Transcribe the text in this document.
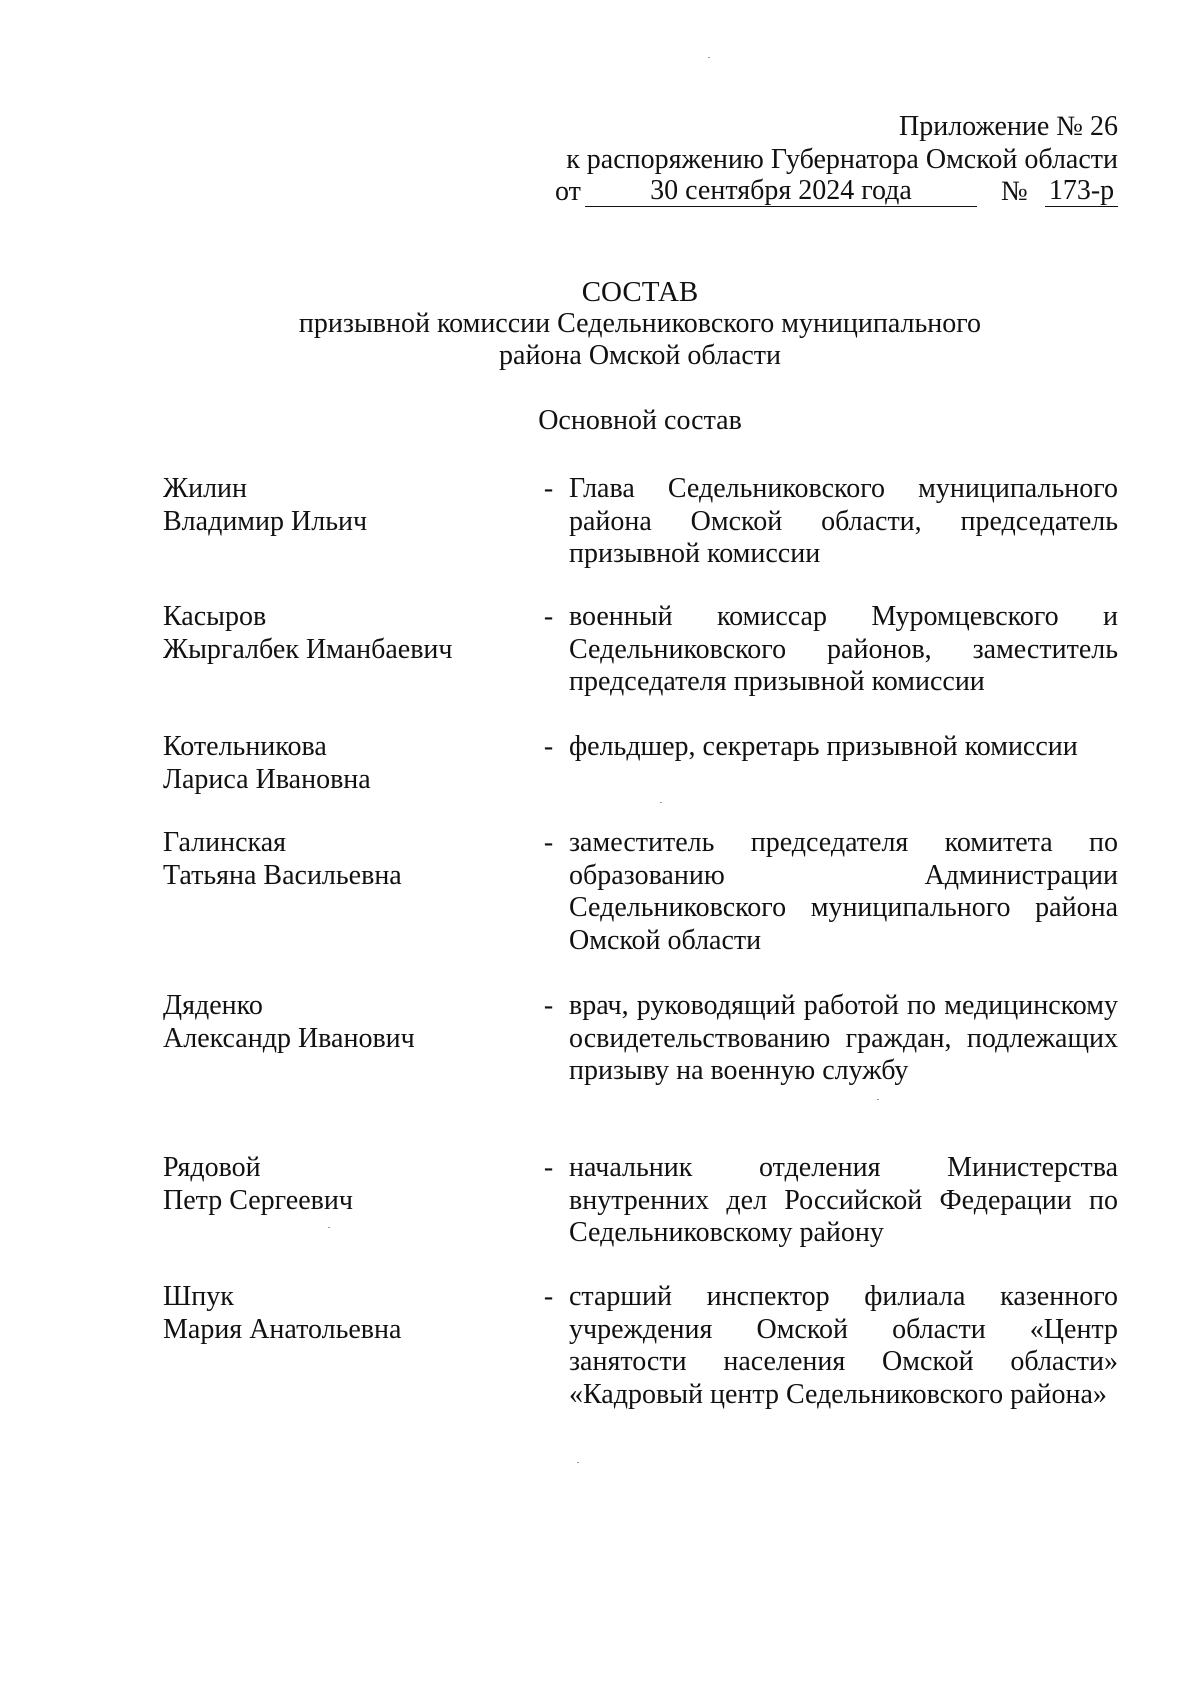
Приложение № 26
к распоряжению Губернатора Омской области
от	30 сентября 2024 года	№ 173-р
СОСТАВ
призывной комиссии Седельниковского муниципального
района Омской области
Основной состав
Жилин
Владимир Ильич
- Глава Седельниковского муниципального района Омской области, председатель призывной комиссии
Касыров
Жыргалбек Иманбаевич
- военный комиссар Муромцевского и Седельниковского районов, заместитель председателя призывной комиссии
Котельникова
Лариса Ивановна
- фельдшер, секретарь призывной комиссии
Галинская
Татьяна Васильевна
- заместитель председателя комитета по образованию Администрации Седельниковского муниципального района Омской области
Дяденко
Александр Иванович
- врач, руководящий работой по медицинскому освидетельствованию граждан, подлежащих призыву на военную службу
Рядовой
Петр Сергеевич
- начальник отделения Министерства внутренних дел Российской Федерации по Седельниковскому району
Шпук
Мария Анатольевна
- старший инспектор филиала казенного учреждения Омской области «Центр занятости населения Омской области» «Кадровый центр Седельниковского района»
